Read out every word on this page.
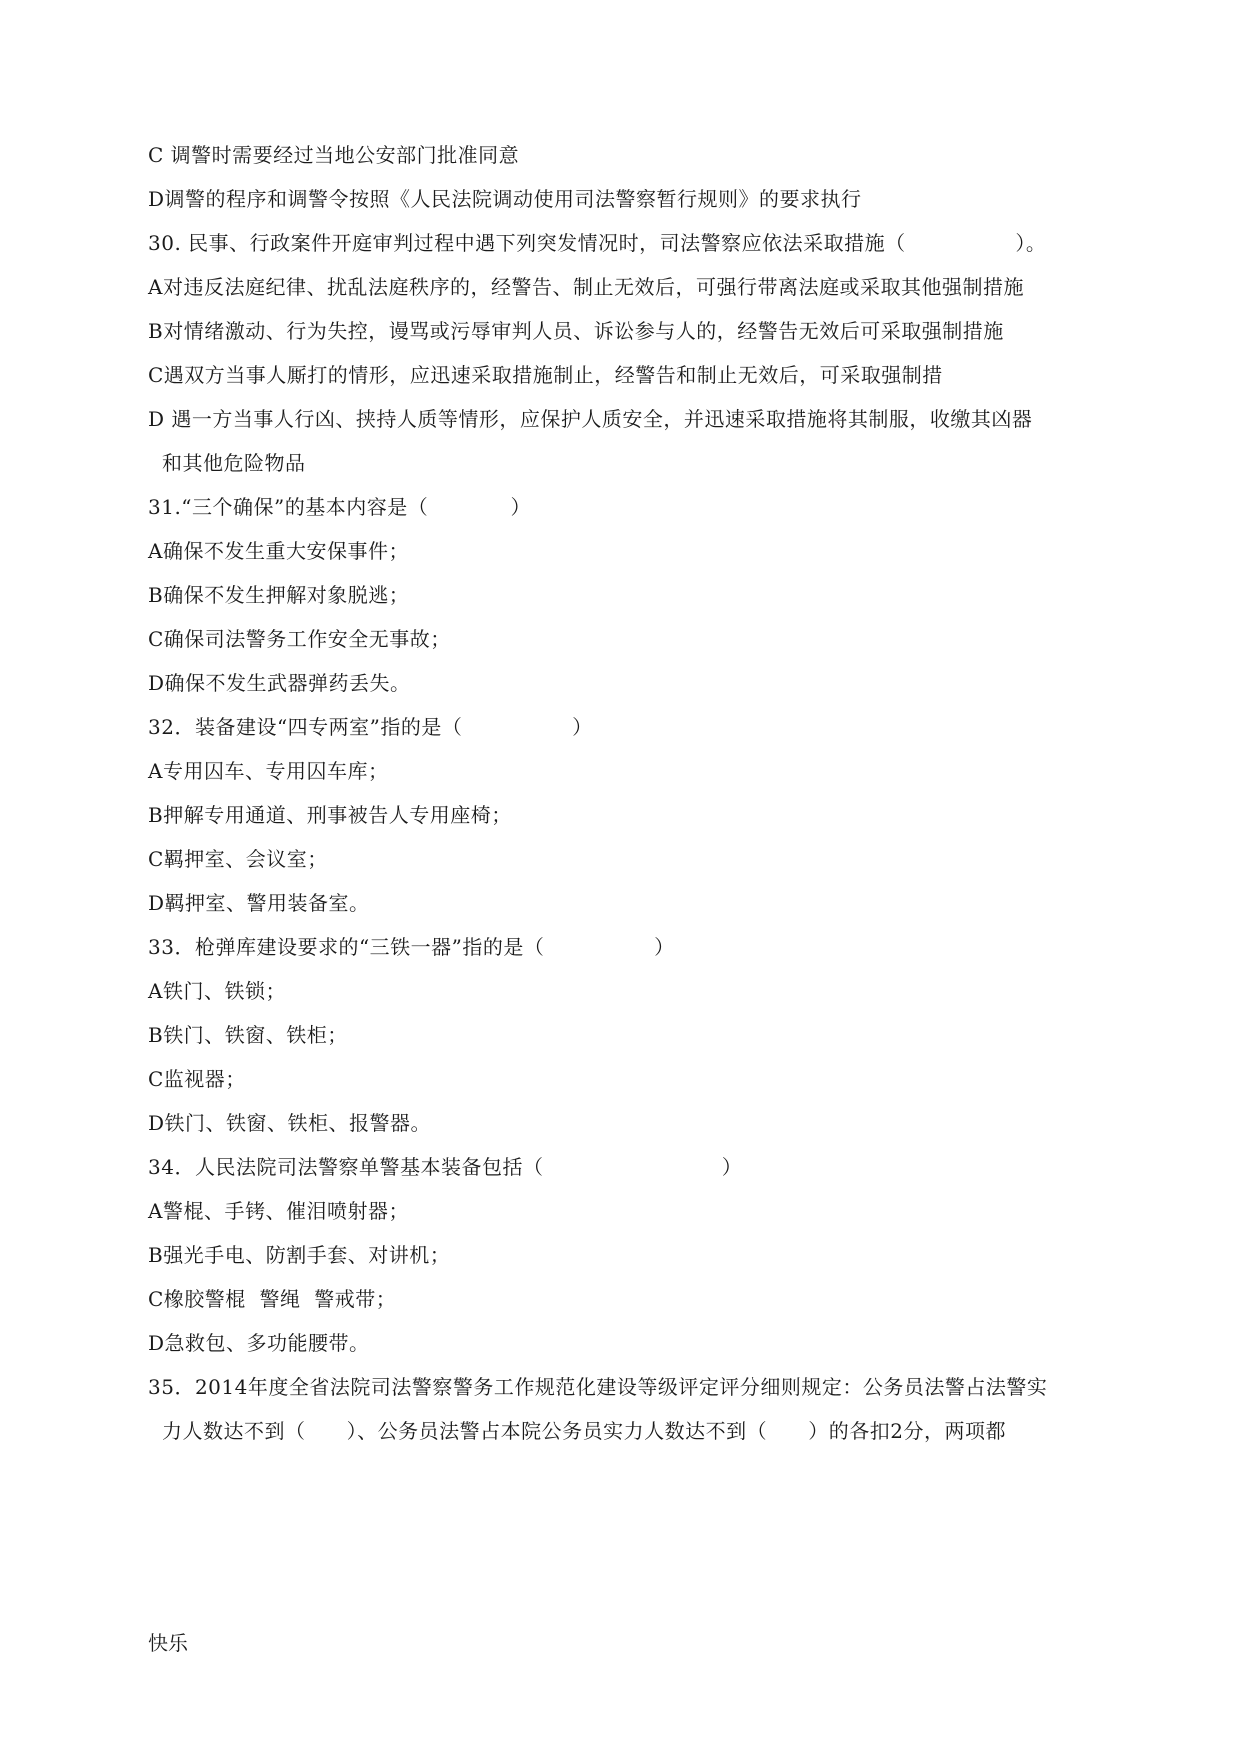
C 调警时需要经过当地公安部门批准同意
D调警的程序和调警令按照《人民法院调动使用司法警察暂行规则》的要求执行
30. 民事、行政案件开庭审判过程中遇下列突发情况时，司法警察应依法采取措施（                ）。
A对违反法庭纪律、扰乱法庭秩序的，经警告、制止无效后，可强行带离法庭或采取其他强制措施
B对情绪激动、行为失控，谩骂或污辱审判人员、诉讼参与人的，经警告无效后可采取强制措施
C遇双方当事人厮打的情形，应迅速采取措施制止，经警告和制止无效后，可采取强制措
D 遇一方当事人行凶、挟持人质等情形，应保护人质安全，并迅速采取措施将其制服，收缴其凶器
和其他危险物品
31.“三个确保”的基本内容是（            ）
A确保不发生重大安保事件；
B确保不发生押解对象脱逃；
C确保司法警务工作安全无事故；
D确保不发生武器弹药丢失。
32．装备建设“四专两室”指的是（                ）
A专用囚车、专用囚车库；
B押解专用通道、刑事被告人专用座椅；
C羁押室、会议室；
D羁押室、警用装备室。
33．枪弹库建设要求的“三铁一器”指的是（                ）
A铁门、铁锁；
B铁门、铁窗、铁柜；
C监视器；
D铁门、铁窗、铁柜、报警器。
34．人民法院司法警察单警基本装备包括（                          ）
A警棍、手铐、催泪喷射器；
B强光手电、防割手套、对讲机；
C橡胶警棍  警绳  警戒带；
D急救包、多功能腰带。
35．2014年度全省法院司法警察警务工作规范化建设等级评定评分细则规定：公务员法警占法警实
力人数达不到（      ）、公务员法警占本院公务员实力人数达不到（      ）的各扣2分，两项都
快乐
